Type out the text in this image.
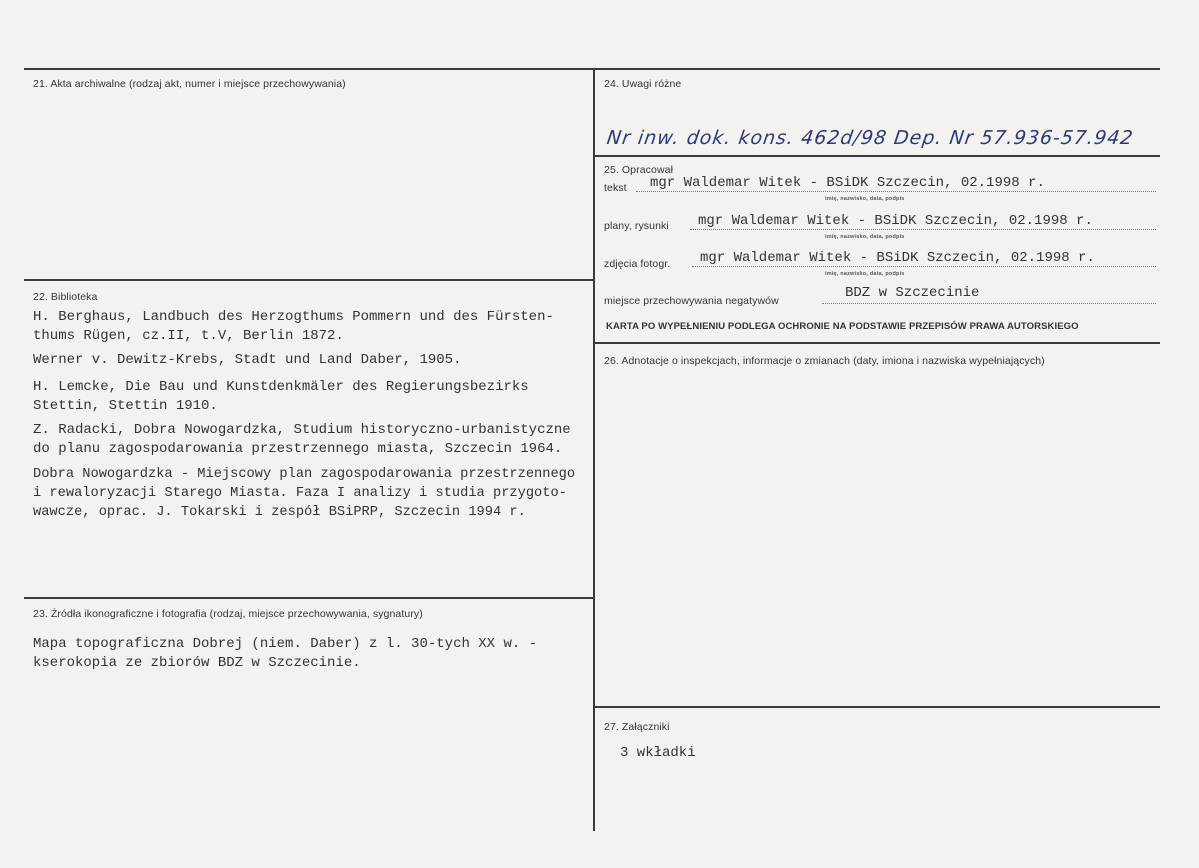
21. Akta archiwalne (rodzaj akt, numer i miejsce przechowywania)
22. Biblioteka
H. Berghaus, Landbuch des Herzogthums Pommern und des Fürsten-
thums Rügen, cz.II, t.V, Berlin 1872.
Werner v. Dewitz-Krebs, Stadt und Land Daber, 1905.
H. Lemcke, Die Bau und Kunstdenkmäler des Regierungsbezirks
Stettin, Stettin 1910.
Z. Radacki, Dobra Nowogardzka, Studium historyczno-urbanistyczne
do planu zagospodarowania przestrzennego miasta, Szczecin 1964.
Dobra Nowogardzka - Miejscowy plan zagospodarowania przestrzennego
i rewaloryzacji Starego Miasta. Faza I analizy i studia przygoto-
wawcze, oprac. J. Tokarski i zespół BSiPRP, Szczecin 1994 r.
23. Źródła ikonograficzne i fotografia (rodzaj, miejsce przechowywania, sygnatury)
Mapa topograficzna Dobrej (niem. Daber) z l. 30-tych XX w. -
kserokopia ze zbiorów BDZ w Szczecinie.
24. Uwagi różne
Nr inw. dok. kons. 462d/98 Dep. Nr 57.936-57.942
25. Opracował
tekst mgr Waldemar Witek - BSiDK Szczecin, 02.1998 r.
imię, nazwisko, data, podpis
plany, rysunki mgr Waldemar Witek - BSiDK Szczecin, 02.1998 r.
imię, nazwisko, data, podpis
zdjęcia fotogr. mgr Waldemar Witek - BSiDK Szczecin, 02.1998 r.
imię, nazwisko, data, podpis
miejsce przechowywania negatywów	BDZ w Szczecinie
KARTA PO WYPEŁNIENIU PODLEGA OCHRONIE NA PODSTAWIE PRZEPISÓW PRAWA AUTORSKIEGO
26. Adnotacje o inspekcjach, informacje o zmianach (daty, imiona i nazwiska wypełniających)
27. Załączniki
3 wkładki
